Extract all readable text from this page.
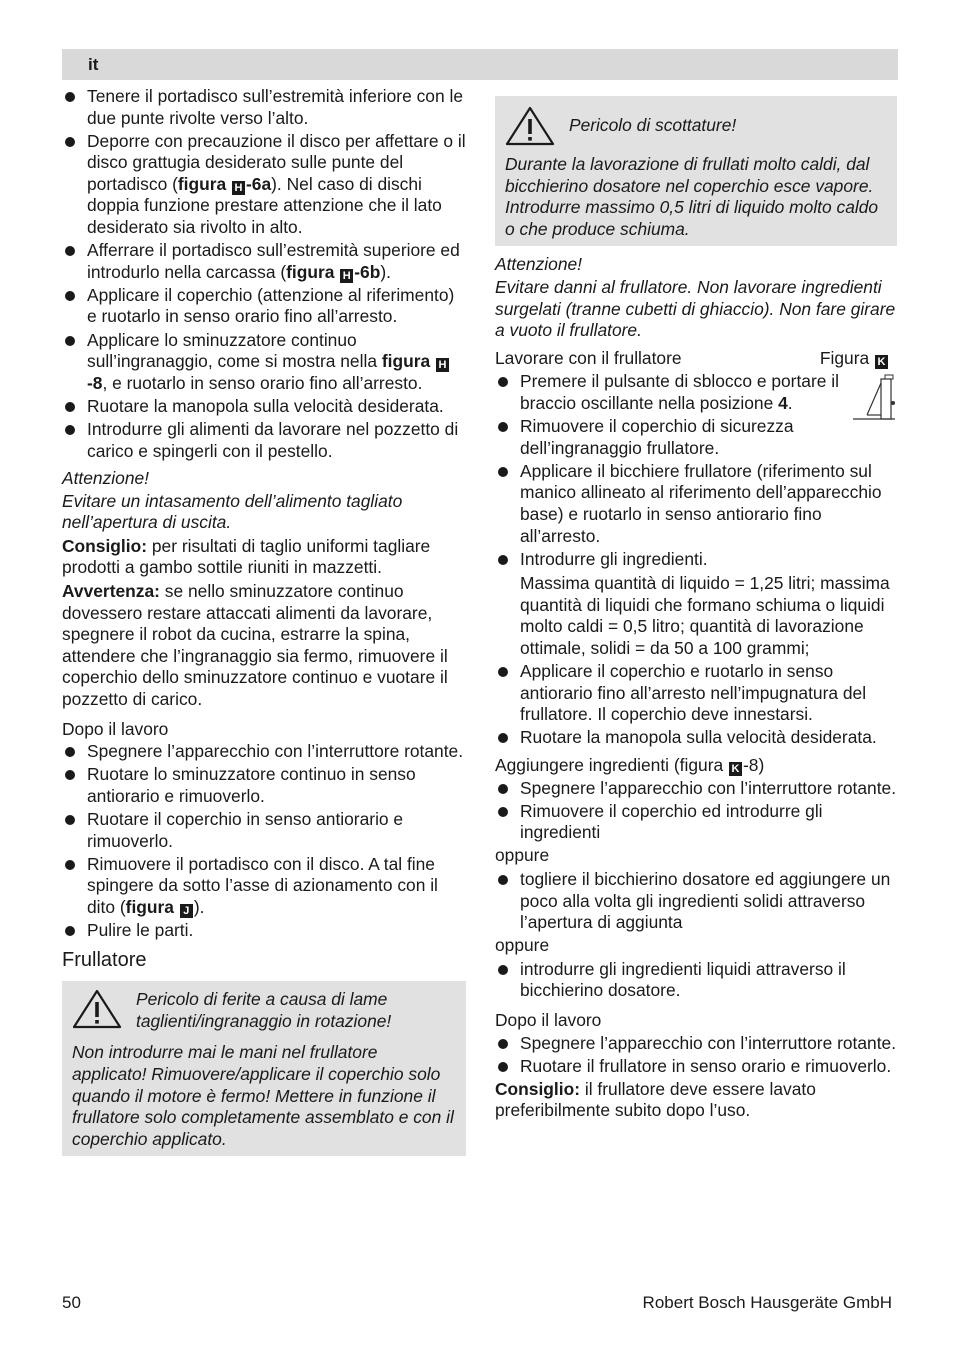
it
Tenere il portadisco sull’estremità inferiore con le due punte rivolte verso l’alto.
Deporre con precauzione il disco per affettare o il disco grattugia desiderato sulle punte del portadisco (figura H -6a). Nel caso di dischi doppia funzione prestare attenzione che il lato desiderato sia rivolto in alto.
Afferrare il portadisco sull’estremità superiore ed introdurlo nella carcassa (figura H -6b).
Applicare il coperchio (attenzione al riferimento) e ruotarlo in senso orario fino all’arresto.
Applicare lo sminuzzatore continuo sull’ingranaggio, come si mostra nella figura H-8, e ruotarlo in senso orario fino all’arresto.
Ruotare la manopola sulla velocità desiderata.
Introdurre gli alimenti da lavorare nel pozzetto di carico e spingerli con il pestello.

Attenzione!

Evitare un intasamento dell’alimento tagliato nell’apertura di uscita.

Consiglio: per risultati di taglio uniformi tagliare prodotti a gambo sottile riuniti in mazzetti.

Avvertenza: se nello sminuzzatore continuo dovessero restare attaccati alimenti da lavorare, spegnere il robot da cucina, estrarre la spina, attendere che l’ingranaggio sia fermo, rimuovere il coperchio dello sminuzzatore continuo e vuotare il pozzetto di carico.

Dopo il lavoro

Spegnere l’apparecchio con l’interruttore rotante.
Ruotare lo sminuzzatore continuo in senso antiorario e rimuoverlo.
Ruotare il coperchio in senso antiorario e rimuoverlo.
Rimuovere il portadisco con il disco. A tal fine spingere da sotto l’asse di azionamento con il dito (figura J ).
Pulire le parti.
Frullatore
Pericolo di ferite a causa di lame taglienti/ingranaggio in rotazione!
Non introdurre mai le mani nel frullatore applicato! Rimuovere/applicare il coperchio solo quando il motore è fermo! Mettere in funzione il frullatore solo completamente assemblato e con il coperchio applicato.
Pericolo di scottature!
Durante la lavorazione di frullati molto caldi, dal bicchierino dosatore nel coperchio esce vapore. Introdurre massimo 0,5 litri di liquido molto caldo o che produce schiuma.

Attenzione!

Evitare danni al frullatore. Non lavorare ingredienti surgelati (tranne cubetti di ghiaccio). Non fare girare a vuoto il frullatore.

Lavorare con il frullatore	Figura K
Premere il pulsante di sblocco e portare il braccio oscillante nella posizione 4.
Rimuovere il coperchio di sicurezza dell’ingranaggio frullatore.
Applicare il bicchiere frullatore (riferimento sul manico allineato al riferimento dell’apparecchio base) e ruotarlo in senso antiorario fino all’arresto.
Introdurre gli ingredienti.
Massima quantità di liquido = 1,25 litri; massima quantità di liquidi che formano schiuma o liquidi molto caldi = 0,5 litro; quantità di lavorazione ottimale, solidi = da 50 a 100 grammi;
Applicare il coperchio e ruotarlo in senso antiorario fino all’arresto nell’impugnatura del frullatore. Il coperchio deve innestarsi.
Ruotare la manopola sulla velocità desiderata.

Aggiungere ingredienti (figura K -8)

Spegnere l’apparecchio con l’interruttore rotante.
Rimuovere il coperchio ed introdurre gli ingredienti

oppure

togliere il bicchierino dosatore ed aggiungere un poco alla volta gli ingredienti solidi attraverso l’apertura di aggiunta

oppure

introdurre gli ingredienti liquidi attraverso il bicchierino dosatore.

Dopo il lavoro

Spegnere l’apparecchio con l’interruttore rotante.
Ruotare il frullatore in senso orario e rimuoverlo.

Consiglio: il frullatore deve essere lavato preferibilmente subito dopo l’uso.

50	Robert Bosch Hausgeräte GmbH
